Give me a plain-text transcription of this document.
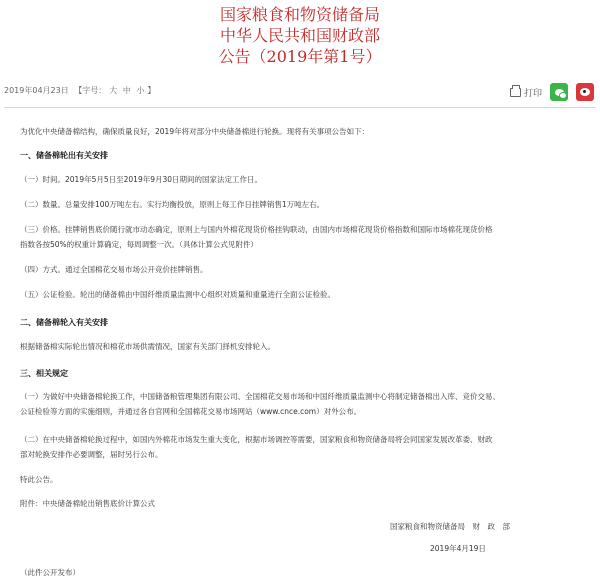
国家粮食和物资储备局
中华人民共和国财政部
公告（2019年第1号）
2019年04月23日 【字号： 大 中 小 】	打印
为优化中央储备棉结构，确保质量良好，2019年将对部分中央储备棉进行轮换。现将有关事项公告如下：
一、储备棉轮出有关安排
（一）时间。2019年5月5日至2019年9月30日期间的国家法定工作日。
（二）数量。总量安排100万吨左右。实行均衡投放，原则上每工作日挂牌销售1万吨左右。
（三）价格。挂牌销售底价随行就市动态确定，原则上与国内外棉花现货价格挂钩联动，由国内市场棉花现货价格指数和国际市场棉花现货价格
指数各按50%的权重计算确定，每周调整一次。（具体计算公式见附件）
（四）方式。通过全国棉花交易市场公开竞价挂牌销售。
（五）公证检验。轮出的储备棉由中国纤维质量监测中心组织对质量和重量进行全面公证检验。
二、储备棉轮入有关安排
根据储备棉实际轮出情况和棉花市场供需情况，国家有关部门择机安排轮入。
三、相关规定
（一）为做好中央储备棉轮换工作，中国储备粮管理集团有限公司、全国棉花交易市场和中国纤维质量监测中心将制定储备棉出入库、竞价交易、
公证检验等方面的实施细则，并通过各自官网和全国棉花交易市场网站（www.cnce.com）对外公布。
（二）在中央储备棉轮换过程中，如国内外棉花市场发生重大变化，根据市场调控等需要，国家粮食和物资储备局将会同国家发展改革委、财政
部对轮换安排作必要调整，届时另行公布。
特此公告。
附件：中央储备棉轮出销售底价计算公式
国家粮食和物资储备局　财　政　部
2019年4月19日
（此件公开发布）
